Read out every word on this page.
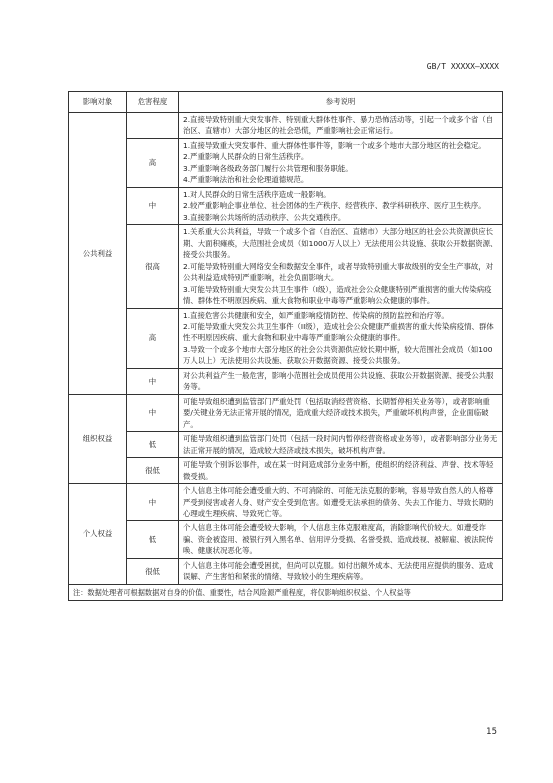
GB/T XXXXX—XXXX
影响对象	危害程度	参考说明
公共利益		2.直接导致特别重大突发事件、特别重大群体性事件、暴力恐怖活动等，引起一个或多个省（自治区、直辖市）大部分地区的社会恐慌，严重影响社会正常运行。

	高	1.直接导致重大突发事件、重大群体性事件等，影响一个或多个地市大部分地区的社会稳定。

2.严重影响人民群众的日常生活秩序。

3.严重影响各级政务部门履行公共管理和服务职能。

4.严重影响法治和社会伦理道德规范。

	中	1.对人民群众的日常生活秩序造成一般影响。

2.较严重影响企事业单位、社会团体的生产秩序、经营秩序、教学科研秩序、医疗卫生秩序。

3.直接影响公共场所的活动秩序、公共交通秩序。

	很高	1.关系重大公共利益，导致一个或多个省（自治区、直辖市）大部分地区的社会公共资源供应长期、大面积瘫痪，大范围社会成员（如1000万人以上）无法使用公共设施、获取公开数据资源、接受公共服务。

2.可能导致特别重大网络安全和数据安全事件，或者导致特别重大事故级别的安全生产事故，对公共利益造成特别严重影响，社会负面影响大。

3.可能导致特别重大突发公共卫生事件（I级），造成社会公众健康特别严重损害的重大传染病疫情、群体性不明原因疾病、重大食物和职业中毒等严重影响公众健康的事件。

	高	1.直接危害公共健康和安全，如严重影响疫情防控、传染病的预防监控和治疗等。

2.可能导致重大突发公共卫生事件（II级），造成社会公众健康严重损害的重大传染病疫情、群体性不明原因疾病、重大食物和职业中毒等严重影响公众健康的事件。

3.导致一个或多个地市大部分地区的社会公共资源供应较长期中断，较大范围社会成员（如100万人以上）无法使用公共设施、获取公开数据资源、接受公共服务。

	中	对公共利益产生一般危害，影响小范围社会成员使用公共设施、获取公开数据资源、接受公共服务等。

组织权益	中	可能导致组织遭到监管部门严重处罚（包括取消经营资格、长期暂停相关业务等），或者影响重要/关键业务无法正常开展的情况，造成重大经济或技术损失，严重破坏机构声誉，企业面临破产。

	低	可能导致组织遭到监管部门处罚（包括一段时间内暂停经营资格或业务等），或者影响部分业务无法正常开展的情况，造成较大经济或技术损失，破坏机构声誉。

	很低	可能导致个别诉讼事件，或在某一时间造成部分业务中断，使组织的经济利益、声誉、技术等轻微受损。

个人权益	中	个人信息主体可能会遭受重大的、不可消除的、可能无法克服的影响，容易导致自然人的人格尊严受到侵害或者人身、财产安全受到危害。如遭受无法承担的债务、失去工作能力、导致长期的心理或生理疾病、导致死亡等。

	低	个人信息主体可能会遭受较大影响，个人信息主体克服难度高，消除影响代价较大。如遭受诈骗、资金被盗用、被银行列入黑名单、信用评分受损、名誉受损、造成歧视、被解雇、被法院传唤、健康状况恶化等。

	很低	个人信息主体可能会遭受困扰，但尚可以克服。如付出额外成本、无法使用应提供的服务、造成误解、产生害怕和紧张的情绪、导致较小的生理疾病等。

注：数据处理者可根据数据对自身的价值、重要性，结合风险源严重程度，将仅影响组织权益、个人权益等		
15
